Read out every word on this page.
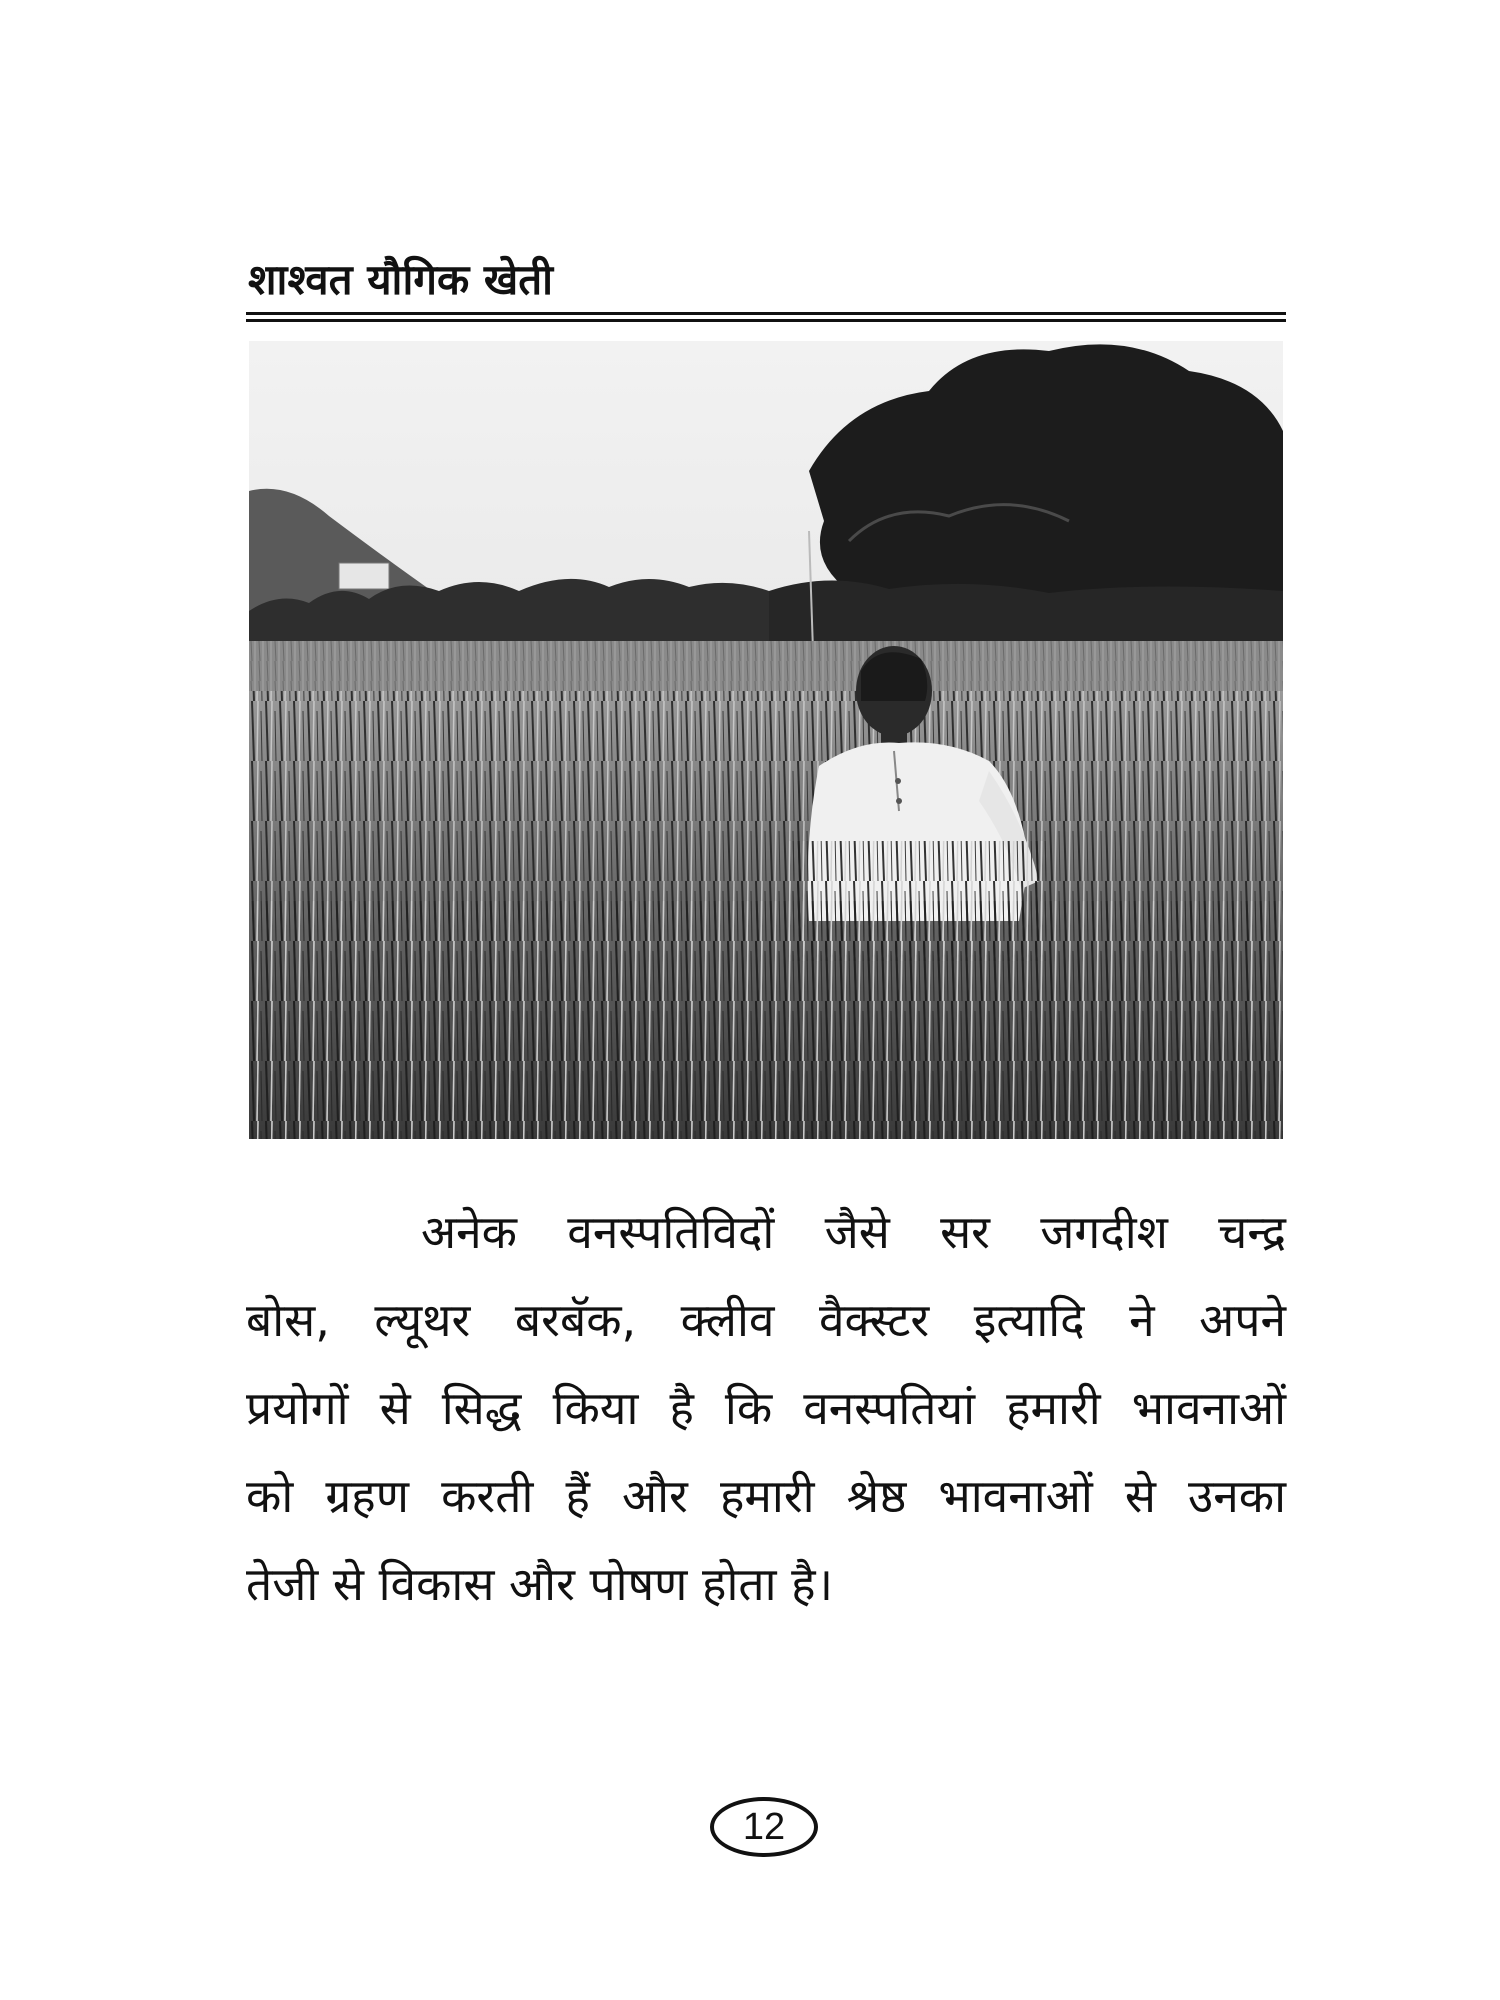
शाश्वत यौगिक खेती
अनेक वनस्पतिविदों जैसे सर जगदीश चन्द्र
बोस, ल्यूथर बरबॅक, क्लीव वैक्स्टर इत्यादि ने अपने
प्रयोगों से सिद्ध किया है कि वनस्पतियां हमारी भावनाओं
को ग्रहण करती हैं और हमारी श्रेष्ठ भावनाओं से उनका
तेजी से विकास और पोषण होता है।
12
